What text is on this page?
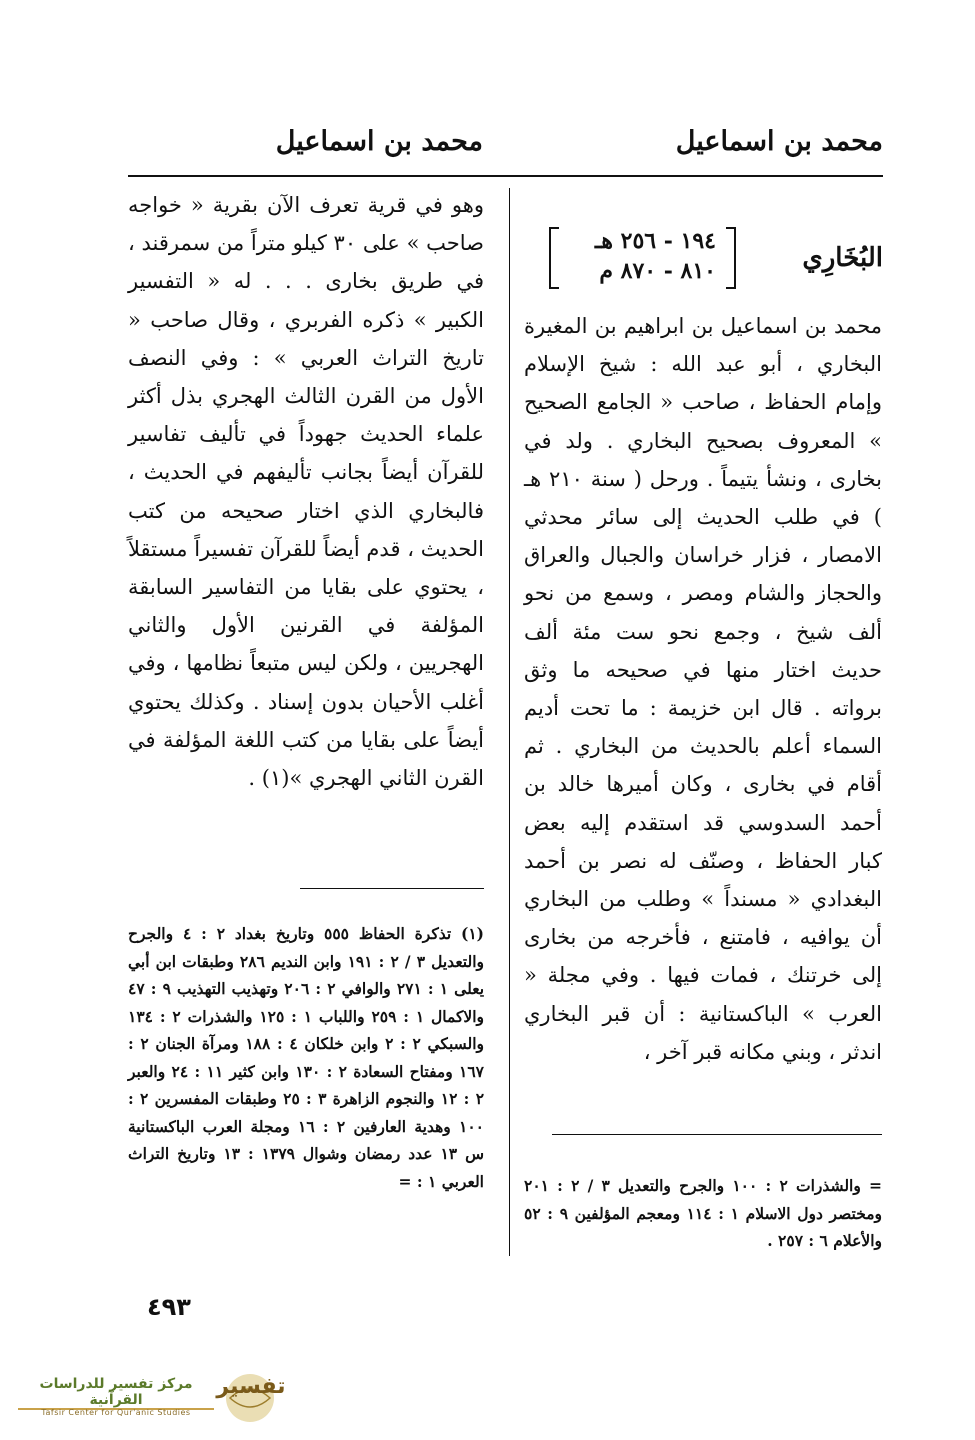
محمد بن اسماعيل
محمد بن اسماعيل
البُخَارِي
١٩٤ - ٢٥٦ هـ
٨١٠ - ٨٧٠ م

محمد بن اسماعيل بن ابراهيم بن المغيرة البخاري ، أبو عبد الله : شيخ الإسلام وإمام الحفاظ ، صاحب « الجامع الصحيح » المعروف بصحيح البخاري . ولد في بخارى ، ونشأ يتيماً . ورحل ( سنة ٢١٠ هـ ) في طلب الحديث إلى سائر محدثي الامصار ، فزار خراسان والجبال والعراق والحجاز والشام ومصر ، وسمع من نحو ألف شيخ ، وجمع نحو ست مئة ألف حديث اختار منها في صحيحه ما وثق برواته . قال ابن خزيمة : ما تحت أديم السماء أعلم بالحديث من البخاري . ثم أقام في بخارى ، وكان أميرها خالد بن أحمد السدوسي قد استقدم إليه بعض كبار الحفاظ ، وصنّف له نصر بن أحمد البغدادي « مسنداً » وطلب من البخاري أن يوافيه ، فامتنع ، فأخرجه من بخارى إلى خرتنك ، فمات فيها . وفي مجلة « العرب » الباكستانية : أن قبر البخاري اندثر ، وبني مكانه قبر آخر ،

وهو في قرية تعرف الآن بقرية « خواجه صاحب » على ٣٠ كيلو متراً من سمرقند ، في طريق بخارى . . . له « التفسير الكبير » ذكره الفربري ، وقال صاحب « تاريخ التراث العربي » : وفي النصف الأول من القرن الثالث الهجري بذل أكثر علماء الحديث جهوداً في تأليف تفاسير للقرآن أيضاً بجانب تأليفهم في الحديث ، فالبخاري الذي اختار صحيحه من كتب الحديث ، قدم أيضاً للقرآن تفسيراً مستقلاً ، يحتوي على بقايا من التفاسير السابقة المؤلفة في القرنين الأول والثاني الهجريين ، ولكن ليس متبعاً نظامها ، وفي أغلب الأحيان بدون إسناد . وكذلك يحتوي أيضاً على بقايا من كتب اللغة المؤلفة في القرن الثاني الهجري »(١) .

(١) تذكرة الحفاظ ٥٥٥ وتاريخ بغداد ٢ : ٤ والجرح والتعديل ٣ / ٢ : ١٩١ وابن النديم ٢٨٦ وطبقات ابن أبي يعلى ١ : ٢٧١ والوافي ٢ : ٢٠٦ وتهذيب التهذيب ٩ : ٤٧ والاكمال ١ : ٢٥٩ واللباب ١ : ١٢٥ والشذرات ٢ : ١٣٤ والسبكي ٢ : ٢ وابن خلكان ٤ : ١٨٨ ومرآة الجنان ٢ : ١٦٧ ومفتاح السعادة ٢ : ١٣٠ وابن كثير ١١ : ٢٤ والعبر ٢ : ١٢ والنجوم الزاهرة ٣ : ٢٥ وطبقات المفسرين ٢ : ١٠٠ وهدية العارفين ٢ : ١٦ ومجلة العرب الباكستانية س ١٣ عدد رمضان وشوال ١٣٧٩ : ١٣ وتاريخ التراث العربي ١ : =	= والشذرات ٢ : ١٠٠ والجرح والتعديل ٣ / ٢ : ٢٠١ ومختصر دول الاسلام ١ : ١١٤ ومعجم المؤلفين ٩ : ٥٢ والأعلام ٦ : ٢٥٧ .

٤٩٣
مركز تفسير للدراسات القرآنية
Tafsir Center for Qur'anic Studies
تفسير
